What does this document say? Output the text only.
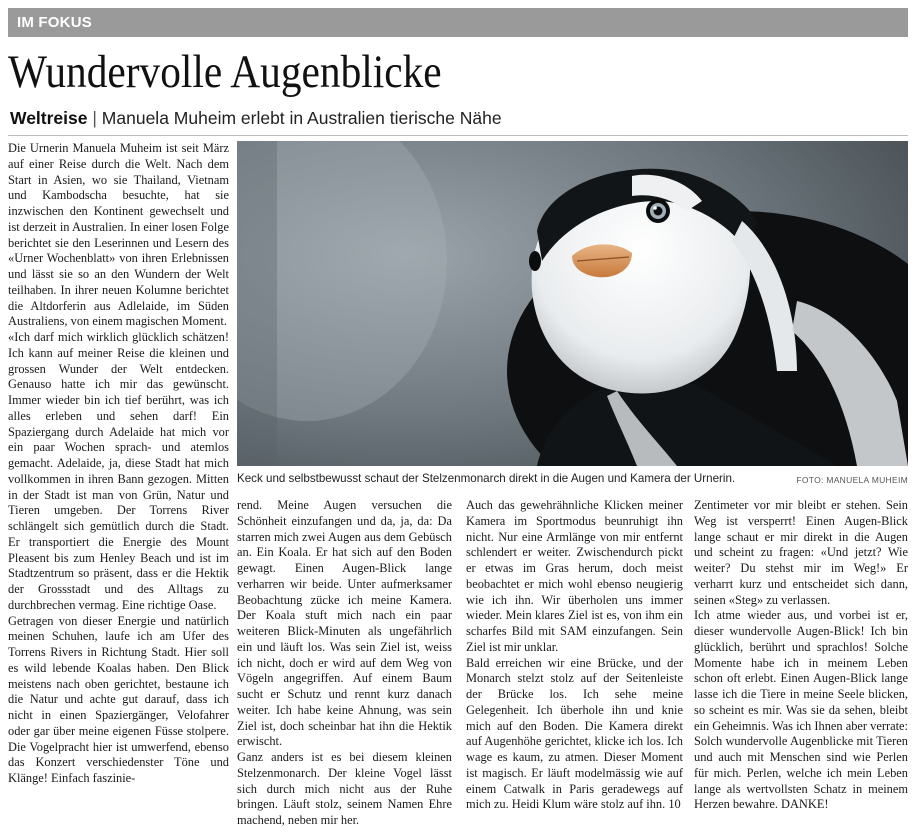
IM FOKUS
Wundervolle Augenblicke
Weltreise | Manuela Muheim erlebt in Australien tierische Nähe

Die Urnerin Manuela Muheim ist seit März auf einer Reise durch die Welt. Nach dem Start in Asien, wo sie Thailand, Vietnam und Kambodscha besuchte, hat sie inzwischen den Kontinent gewechselt und ist derzeit in Australien. In einer losen Folge berichtet sie den Leserinnen und Lesern des «Urner Wochenblatt» von ihren Erlebnissen und lässt sie so an den Wundern der Welt teilhaben. In ihrer neuen Kolumne berichtet die Altdorferin aus Adlelaide, im Süden Australiens, von einem magischen Moment.

«Ich darf mich wirklich glücklich schätzen! Ich kann auf meiner Reise die kleinen und grossen Wunder der Welt entdecken. Genauso hatte ich mir das gewünscht. Immer wieder bin ich tief berührt, was ich alles erleben und sehen darf! Ein Spaziergang durch Adelaide hat mich vor ein paar Wochen sprach- und atemlos gemacht. Adelaide, ja, diese Stadt hat mich vollkommen in ihren Bann gezogen. Mitten in der Stadt ist man von Grün, Natur und Tieren umgeben. Der Torrens River schlängelt sich gemütlich durch die Stadt. Er transportiert die Energie des Mount Pleasent bis zum Henley Beach und ist im Stadtzentrum so präsent, dass er die Hektik der Grossstadt und des Alltags zu durchbrechen vermag. Eine richtige Oase.

Getragen von dieser Energie und natürlich meinen Schuhen, laufe ich am Ufer des Torrens Rivers in Richtung Stadt. Hier soll es wild lebende Koalas haben. Den Blick meistens nach oben gerichtet, bestaune ich die Natur und achte gut darauf, dass ich nicht in einen Spaziergänger, Velofahrer oder gar über meine eigenen Füsse stolpere. Die Vogelpracht hier ist umwerfend, ebenso das Konzert verschiedenster Töne und Klänge! Einfach faszinie-

Keck und selbstbewusst schaut der Stelzenmonarch direkt in die Augen und Kamera der Urnerin.	FOTO: MANUELA MUHEIM

rend. Meine Augen versuchen die Schönheit einzufangen und da, ja, da: Da starren mich zwei Augen aus dem Gebüsch an. Ein Koala. Er hat sich auf den Boden gewagt. Einen Augen-Blick lange verharren wir beide. Unter aufmerksamer Beobachtung zücke ich meine Kamera. Der Koala stuft mich nach ein paar weiteren Blick-Minuten als ungefährlich ein und läuft los. Was sein Ziel ist, weiss ich nicht, doch er wird auf dem Weg von Vögeln angegriffen. Auf einem Baum sucht er Schutz und rennt kurz danach weiter. Ich habe keine Ahnung, was sein Ziel ist, doch scheinbar hat ihn die Hektik erwischt.

Ganz anders ist es bei diesem kleinen Stelzenmonarch. Der kleine Vogel lässt sich durch mich nicht aus der Ruhe bringen. Läuft stolz, seinem Namen Ehre machend, neben mir her.

Auch das gewehrähnliche Klicken meiner Kamera im Sportmodus beunruhigt ihn nicht. Nur eine Armlänge von mir entfernt schlendert er weiter. Zwischendurch pickt er etwas im Gras herum, doch meist beobachtet er mich wohl ebenso neugierig wie ich ihn. Wir überholen uns immer wieder. Mein klares Ziel ist es, von ihm ein scharfes Bild mit SAM einzufangen. Sein Ziel ist mir unklar.

Bald erreichen wir eine Brücke, und der Monarch stelzt stolz auf der Seitenleiste der Brücke los. Ich sehe meine Gelegenheit. Ich überhole ihn und knie mich auf den Boden. Die Kamera direkt auf Augenhöhe gerichtet, klicke ich los. Ich wage es kaum, zu atmen. Dieser Moment ist magisch. Er läuft modelmässig wie auf einem Catwalk in Paris geradewegs auf mich zu. Heidi Klum wäre stolz auf ihn. 10

Zentimeter vor mir bleibt er stehen. Sein Weg ist versperrt! Einen Augen-Blick lange schaut er mir direkt in die Augen und scheint zu fragen: «Und jetzt? Wie weiter? Du stehst mir im Weg!» Er verharrt kurz und entscheidet sich dann, seinen «Steg» zu verlassen.

Ich atme wieder aus, und vorbei ist er, dieser wundervolle Augen-Blick! Ich bin glücklich, berührt und sprachlos! Solche Momente habe ich in meinem Leben schon oft erlebt. Einen Augen-Blick lange lasse ich die Tiere in meine Seele blicken, so scheint es mir. Was sie da sehen, bleibt ein Geheimnis. Was ich Ihnen aber verrate: Solch wundervolle Augenblicke mit Tieren und auch mit Menschen sind wie Perlen für mich. Perlen, welche ich mein Leben lange als wertvollsten Schatz in meinem Herzen bewahre. DANKE!
